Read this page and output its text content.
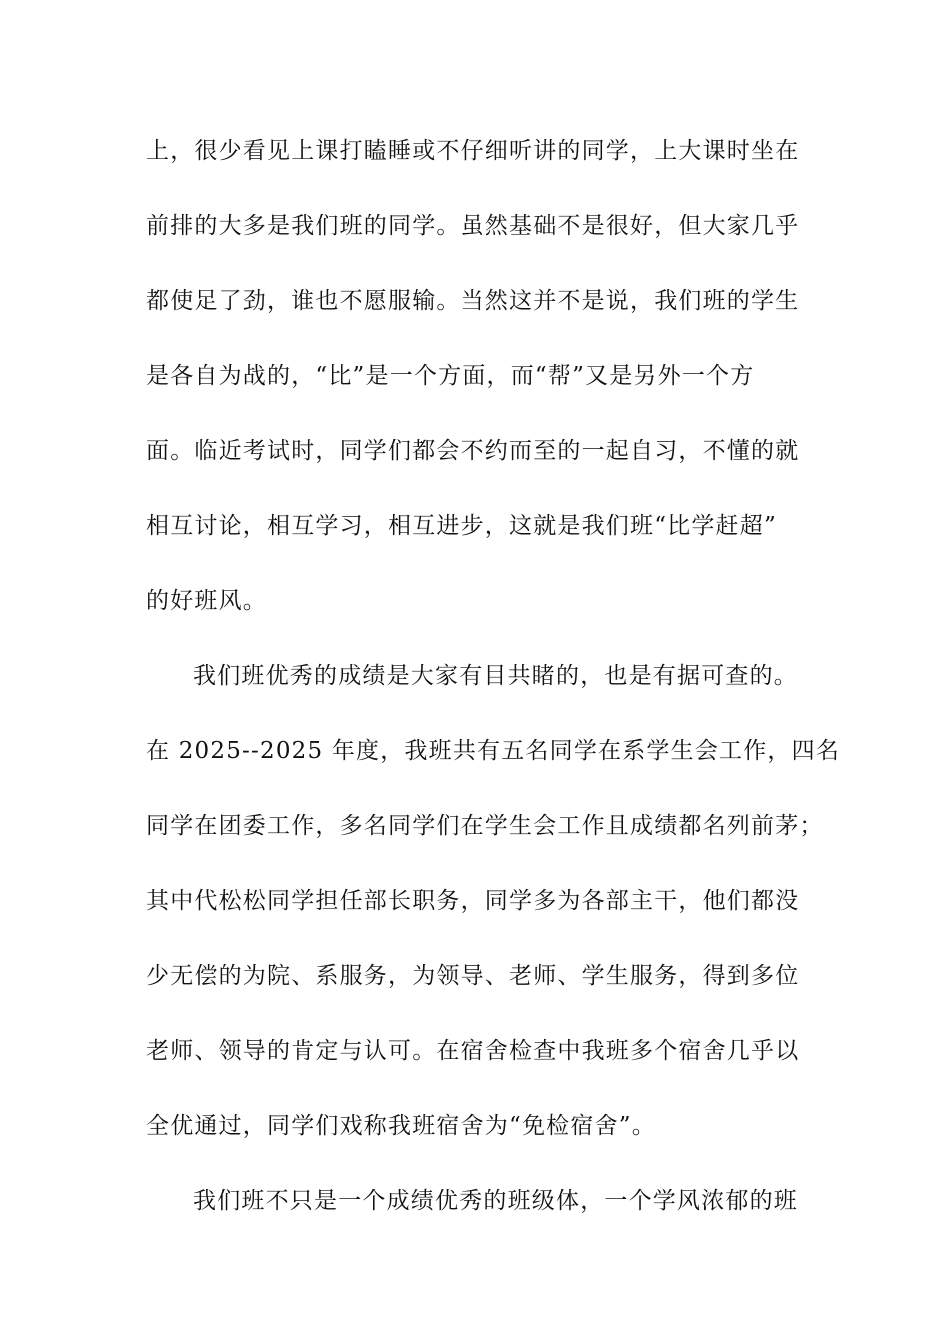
上，很少看见上课打瞌睡或不仔细听讲的同学，上大课时坐在
前排的大多是我们班的同学。虽然基础不是很好，但大家几乎
都使足了劲，谁也不愿服输。当然这并不是说，我们班的学生
是各自为战的，“比”是一个方面，而“帮”又是另外一个方
面。临近考试时，同学们都会不约而至的一起自习，不懂的就
相互讨论，相互学习，相互进步，这就是我们班“比学赶超”
的好班风。
我们班优秀的成绩是大家有目共睹的，也是有据可查的。
在 2025--2025 年度，我班共有五名同学在系学生会工作，四名
同学在团委工作，多名同学们在学生会工作且成绩都名列前茅；
其中代松松同学担任部长职务，同学多为各部主干，他们都没
少无偿的为院、系服务，为领导、老师、学生服务，得到多位
老师、领导的肯定与认可。在宿舍检查中我班多个宿舍几乎以
全优通过，同学们戏称我班宿舍为“免检宿舍”。
我们班不只是一个成绩优秀的班级体，一个学风浓郁的班
